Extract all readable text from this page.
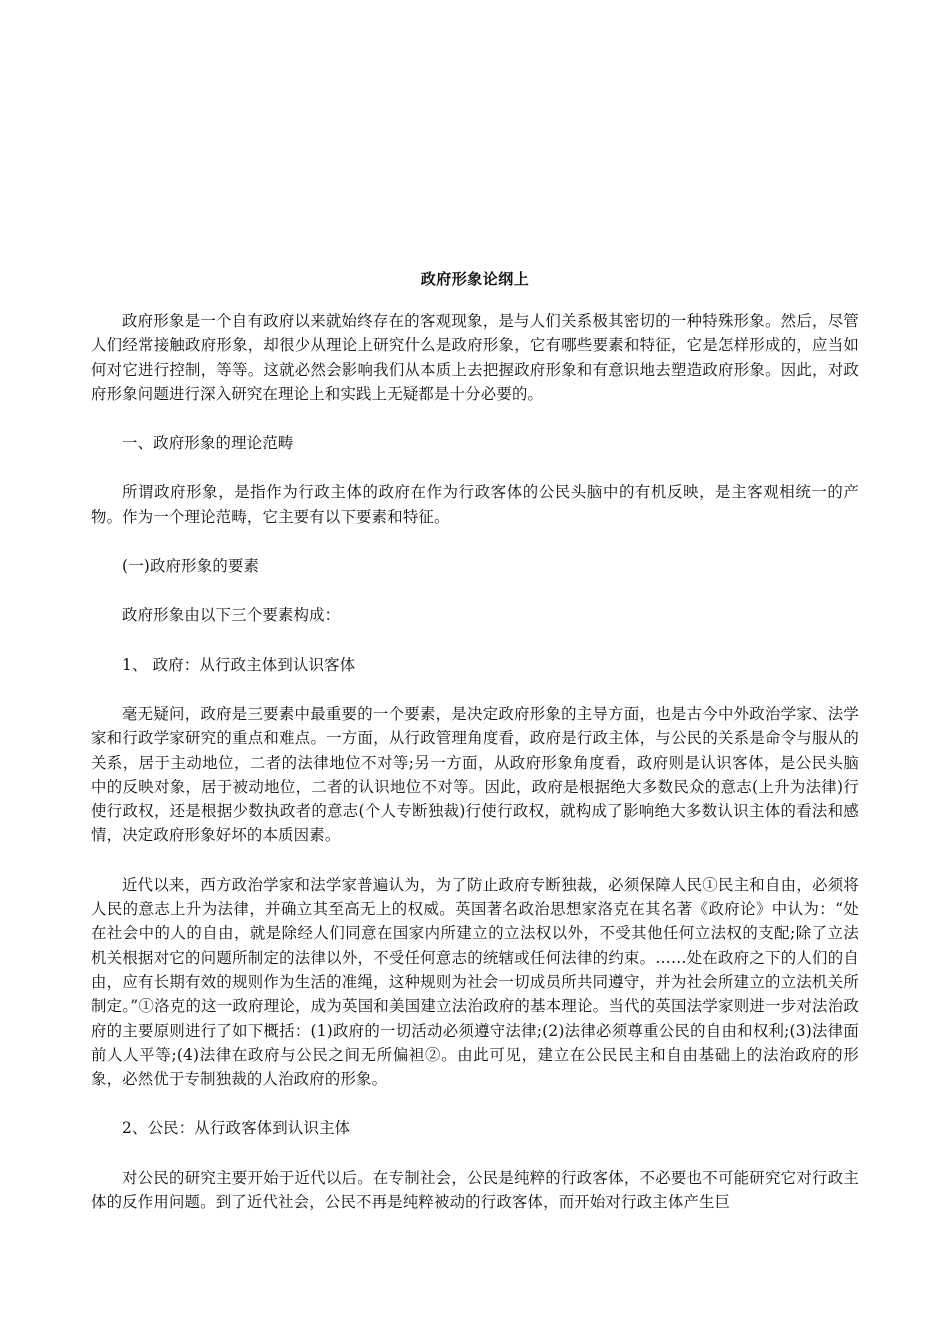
政府形象论纲上

政府形象是一个自有政府以来就始终存在的客观现象，是与人们关系极其密切的一种特殊形象。然后，尽管人们经常接触政府形象，却很少从理论上研究什么是政府形象，它有哪些要素和特征，它是怎样形成的，应当如何对它进行控制，等等。这就必然会影响我们从本质上去把握政府形象和有意识地去塑造政府形象。因此，对政府形象问题进行深入研究在理论上和实践上无疑都是十分必要的。

一、政府形象的理论范畴

所谓政府形象，是指作为行政主体的政府在作为行政客体的公民头脑中的有机反映，是主客观相统一的产物。作为一个理论范畴，它主要有以下要素和特征。

(一)政府形象的要素

政府形象由以下三个要素构成：

1、 政府：从行政主体到认识客体

毫无疑问，政府是三要素中最重要的一个要素，是决定政府形象的主导方面，也是古今中外政治学家、法学家和行政学家研究的重点和难点。一方面，从行政管理角度看，政府是行政主体，与公民的关系是命令与服从的关系，居于主动地位，二者的法律地位不对等;另一方面，从政府形象角度看，政府则是认识客体，是公民头脑中的反映对象，居于被动地位，二者的认识地位不对等。因此，政府是根据绝大多数民众的意志(上升为法律)行使行政权，还是根据少数执政者的意志(个人专断独裁)行使行政权，就构成了影响绝大多数认识主体的看法和感情，决定政府形象好坏的本质因素。

近代以来，西方政治学家和法学家普遍认为，为了防止政府专断独裁，必须保障人民①民主和自由，必须将人民的意志上升为法律，并确立其至高无上的权威。英国著名政治思想家洛克在其名著《政府论》中认为：“处在社会中的人的自由，就是除经人们同意在国家内所建立的立法权以外，不受其他任何立法权的支配;除了立法机关根据对它的问题所制定的法律以外，不受任何意志的统辖或任何法律的约束。……处在政府之下的人们的自由，应有长期有效的规则作为生活的准绳，这种规则为社会一切成员所共同遵守，并为社会所建立的立法机关所制定。”①洛克的这一政府理论，成为英国和美国建立法治政府的基本理论。当代的英国法学家则进一步对法治政府的主要原则进行了如下概括：(1)政府的一切活动必须遵守法律;(2)法律必须尊重公民的自由和权利;(3)法律面前人人平等;(4)法律在政府与公民之间无所偏袒②。由此可见，建立在公民民主和自由基础上的法治政府的形象，必然优于专制独裁的人治政府的形象。

2、公民：从行政客体到认识主体

对公民的研究主要开始于近代以后。在专制社会，公民是纯粹的行政客体，不必要也不可能研究它对行政主体的反作用问题。到了近代社会，公民不再是纯粹被动的行政客体，而开始对行政主体产生巨
